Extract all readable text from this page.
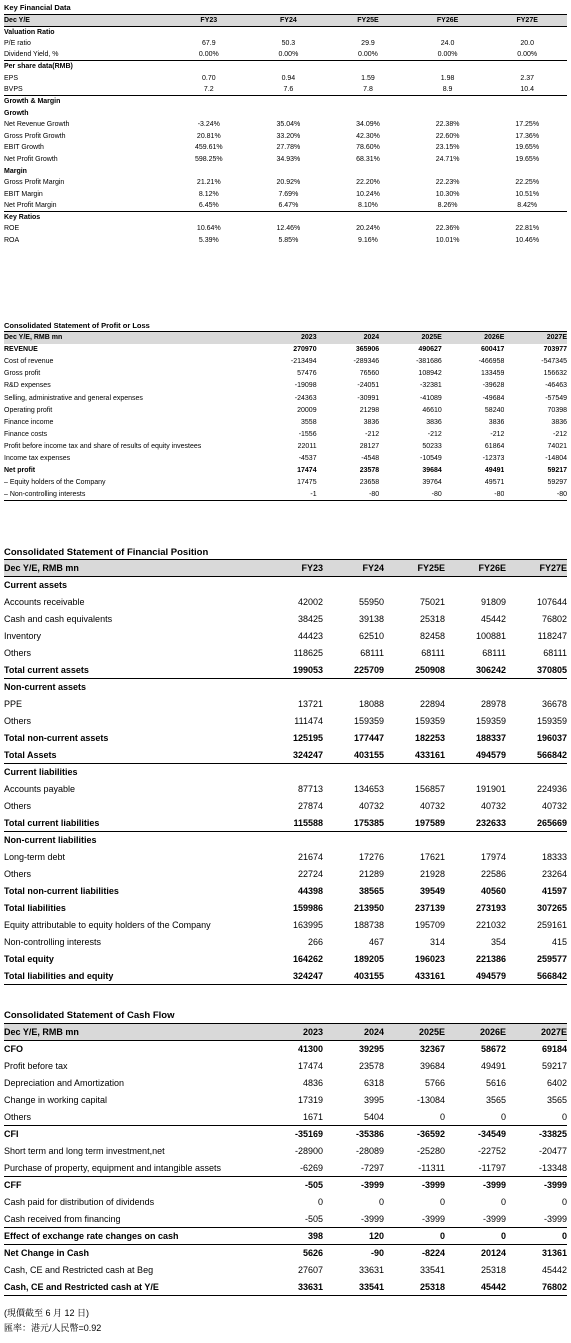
Key Financial Data
Dec Y/E	FY23	FY24	FY25E	FY26E	FY27E
Valuation Ratio					
P/E ratio	67.9	50.3	29.9	24.0	20.0
Dividend Yield, %	0.00%	0.00%	0.00%	0.00%	0.00%
Per share data(RMB)					
EPS	0.70	0.94	1.59	1.98	2.37
BVPS	7.2	7.6	7.8	8.9	10.4
Growth & Margin					
Growth					
Net Revenue Growth	-3.24%	35.04%	34.09%	22.38%	17.25%
Gross Profit Growth	20.81%	33.20%	42.30%	22.60%	17.36%
EBIT Growth	459.61%	27.78%	78.60%	23.15%	19.65%
Net Profit Growth	598.25%	34.93%	68.31%	24.71%	19.65%
Margin					
Gross Profit Margin	21.21%	20.92%	22.20%	22.23%	22.25%
EBIT Margin	8.12%	7.69%	10.24%	10.30%	10.51%
Net Profit Margin	6.45%	6.47%	8.10%	8.26%	8.42%
Key Ratios					
ROE	10.64%	12.46%	20.24%	22.36%	22.81%
ROA	5.39%	5.85%	9.16%	10.01%	10.46%
Consolidated Statement of Profit or Loss
Dec Y/E, RMB mn	2023	2024	2025E	2026E	2027E
REVENUE	270970	365906	490627	600417	703977
Cost of revenue	-213494	-289346	-381686	-466958	-547345
Gross profit	57476	76560	108942	133459	156632
R&D expenses	-19098	-24051	-32381	-39628	-46463
Selling, administrative and general expenses	-24363	-30991	-41089	-49684	-57549
Operating profit	20009	21298	46610	58240	70398
Finance income	3558	3836	3836	3836	3836
Finance costs	-1556	-212	-212	-212	-212
Profit before income tax and share of results of equity investees	22011	28127	50233	61864	74021
Income tax expenses	-4537	-4548	-10549	-12373	-14804
Net profit	17474	23578	39684	49491	59217
– Equity holders of the Company	17475	23658	39764	49571	59297
– Non-controlling interests	-1	-80	-80	-80	-80
Consolidated Statement of Financial Position
Dec Y/E, RMB mn	FY23	FY24	FY25E	FY26E	FY27E
Current assets					
Accounts receivable	42002	55950	75021	91809	107644
Cash and cash equivalents	38425	39138	25318	45442	76802
Inventory	44423	62510	82458	100881	118247
Others	118625	68111	68111	68111	68111
Total current assets	199053	225709	250908	306242	370805
Non-current assets					
PPE	13721	18088	22894	28978	36678
Others	111474	159359	159359	159359	159359
Total non-current assets	125195	177447	182253	188337	196037
Total Assets	324247	403155	433161	494579	566842
Current liabilities					
Accounts payable	87713	134653	156857	191901	224936
Others	27874	40732	40732	40732	40732
Total current liabilities	115588	175385	197589	232633	265669
Non-current liabilities					
Long-term debt	21674	17276	17621	17974	18333
Others	22724	21289	21928	22586	23264
Total non-current liabilities	44398	38565	39549	40560	41597
Total liabilities	159986	213950	237139	273193	307265
Equity attributable to equity holders of the Company	163995	188738	195709	221032	259161
Non-controlling interests	266	467	314	354	415
Total equity	164262	189205	196023	221386	259577
Total liabilities and equity	324247	403155	433161	494579	566842
Consolidated Statement of Cash Flow
Dec Y/E, RMB mn	2023	2024	2025E	2026E	2027E
CFO	41300	39295	32367	58672	69184
Profit before tax	17474	23578	39684	49491	59217
Depreciation and Amortization	4836	6318	5766	5616	6402
Change in working capital	17319	3995	-13084	3565	3565
Others	1671	5404	0	0	0
CFI	-35169	-35386	-36592	-34549	-33825
Short term and long term investment,net	-28900	-28089	-25280	-22752	-20477
Purchase of property, equipment and intangible assets	-6269	-7297	-11311	-11797	-13348
CFF	-505	-3999	-3999	-3999	-3999
Cash paid for distribution of dividends	0	0	0	0	0
Cash received from financing	-505	-3999	-3999	-3999	-3999
Effect of exchange rate changes on cash	398	120	0	0	0
Net Change in Cash	5626	-90	-8224	20124	31361
Cash, CE and Restricted cash at Beg	27607	33631	33541	25318	45442
Cash, CE and Restricted cash at Y/E	33631	33541	25318	45442	76802
(現價截至 6 月 12 日)
匯率：港元/人民幣=0.92
